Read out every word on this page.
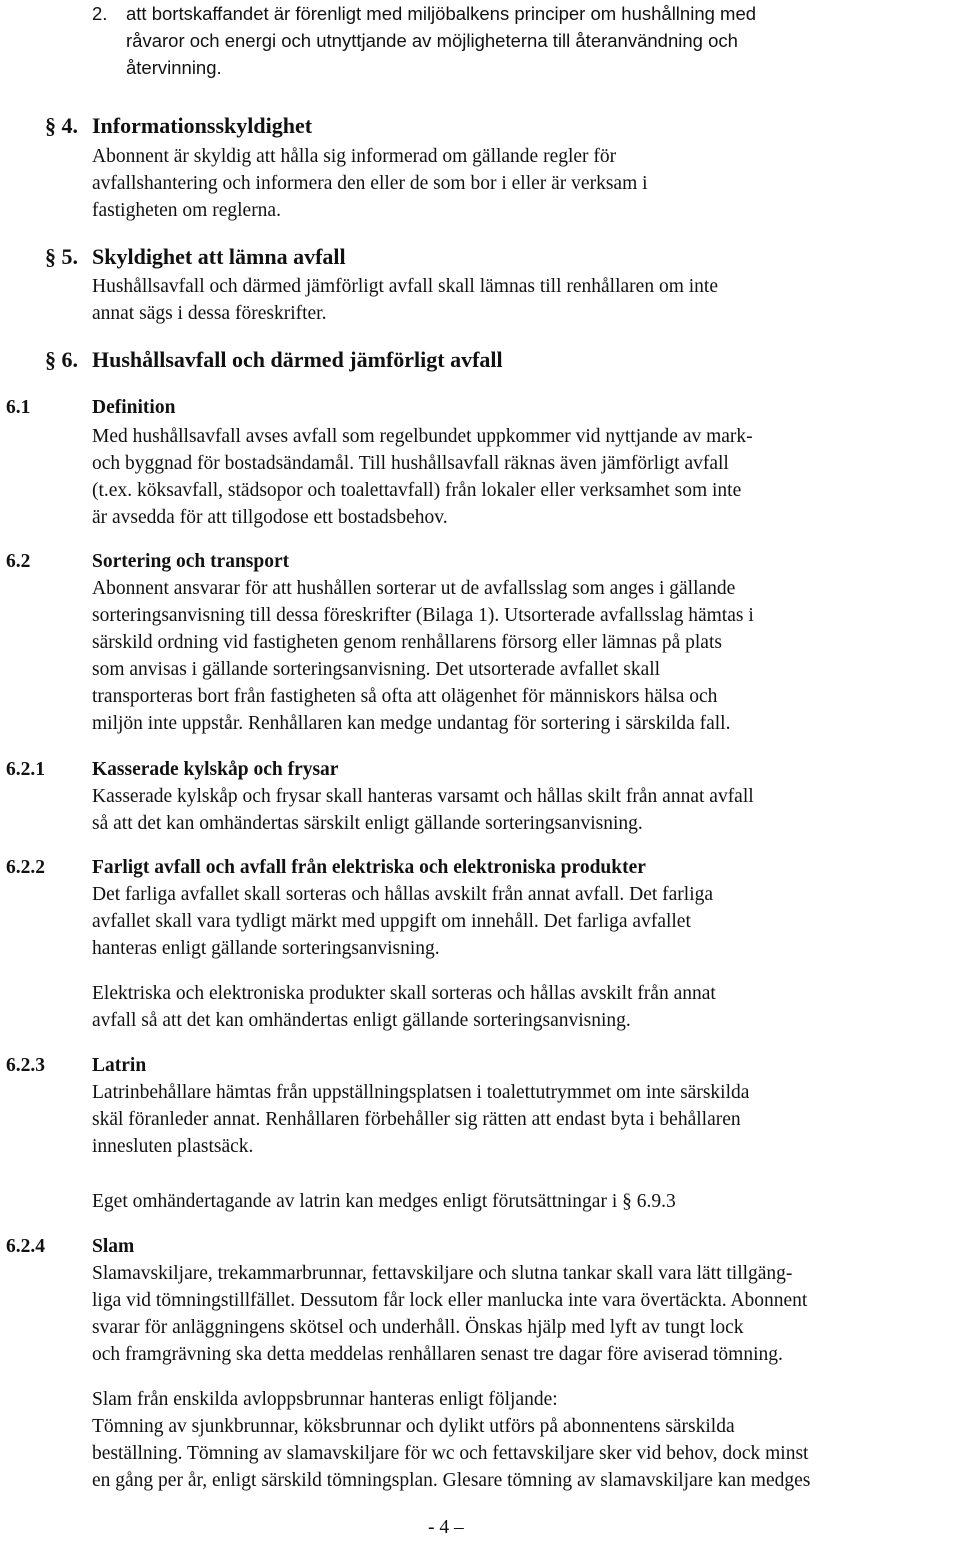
2. att bortskaffandet är förenligt med miljöbalkens principer om hushållning med
råvaror och energi och utnyttjande av möjligheterna till återanvändning och
återvinning.
§ 4. Informationsskyldighet
Abonnent är skyldig att hålla sig informerad om gällande regler för
avfallshantering och informera den eller de som bor i eller är verksam i
fastigheten om reglerna.
§ 5. Skyldighet att lämna avfall
Hushållsavfall och därmed jämförligt avfall skall lämnas till renhållaren om inte
annat sägs i dessa föreskrifter.
§ 6. Hushållsavfall och därmed jämförligt avfall
6.1	Definition
Med hushållsavfall avses avfall som regelbundet uppkommer vid nyttjande av mark-
och byggnad för bostadsändamål. Till hushållsavfall räknas även jämförligt avfall
(t.ex. köksavfall, städsopor och toalettavfall) från lokaler eller verksamhet som inte
är avsedda för att tillgodose ett bostadsbehov.
6.2	Sortering och transport
Abonnent ansvarar för att hushållen sorterar ut de avfallsslag som anges i gällande
sorteringsanvisning till dessa föreskrifter (Bilaga 1). Utsorterade avfallsslag hämtas i
särskild ordning vid fastigheten genom renhållarens försorg eller lämnas på plats
som anvisas i gällande sorteringsanvisning. Det utsorterade avfallet skall
transporteras bort från fastigheten så ofta att olägenhet för människors hälsa och
miljön inte uppstår. Renhållaren kan medge undantag för sortering i särskilda fall.
6.2.1 Kasserade kylskåp och frysar
Kasserade kylskåp och frysar skall hanteras varsamt och hållas skilt från annat avfall
så att det kan omhändertas särskilt enligt gällande sorteringsanvisning.
6.2.2 Farligt avfall och avfall från elektriska och elektroniska produkter
Det farliga avfallet skall sorteras och hållas avskilt från annat avfall. Det farliga
avfallet skall vara tydligt märkt med uppgift om innehåll. Det farliga avfallet
hanteras enligt gällande sorteringsanvisning.
Elektriska och elektroniska produkter skall sorteras och hållas avskilt från annat
avfall så att det kan omhändertas enligt gällande sorteringsanvisning.
6.2.3 Latrin
Latrinbehållare hämtas från uppställningsplatsen i toalettutrymmet om inte särskilda
skäl föranleder annat. Renhållaren förbehåller sig rätten att endast byta i behållaren
innesluten plastsäck.
Eget omhändertagande av latrin kan medges enligt förutsättningar i § 6.9.3
6.2.4 Slam
Slamavskiljare, trekammarbrunnar, fettavskiljare och slutna tankar skall vara lätt tillgäng-
liga vid tömningstillfället. Dessutom får lock eller manlucka inte vara övertäckta. Abonnent
svarar för anläggningens skötsel och underhåll. Önskas hjälp med lyft av tungt lock
och framgrävning ska detta meddelas renhållaren senast tre dagar före aviserad tömning.
Slam från enskilda avloppsbrunnar hanteras enligt följande:
Tömning av sjunkbrunnar, köksbrunnar och dylikt utförs på abonnentens särskilda
beställning. Tömning av slamavskiljare för wc och fettavskiljare sker vid behov, dock minst
en gång per år, enligt särskild tömningsplan. Glesare tömning av slamavskiljare kan medges
- 4 –
